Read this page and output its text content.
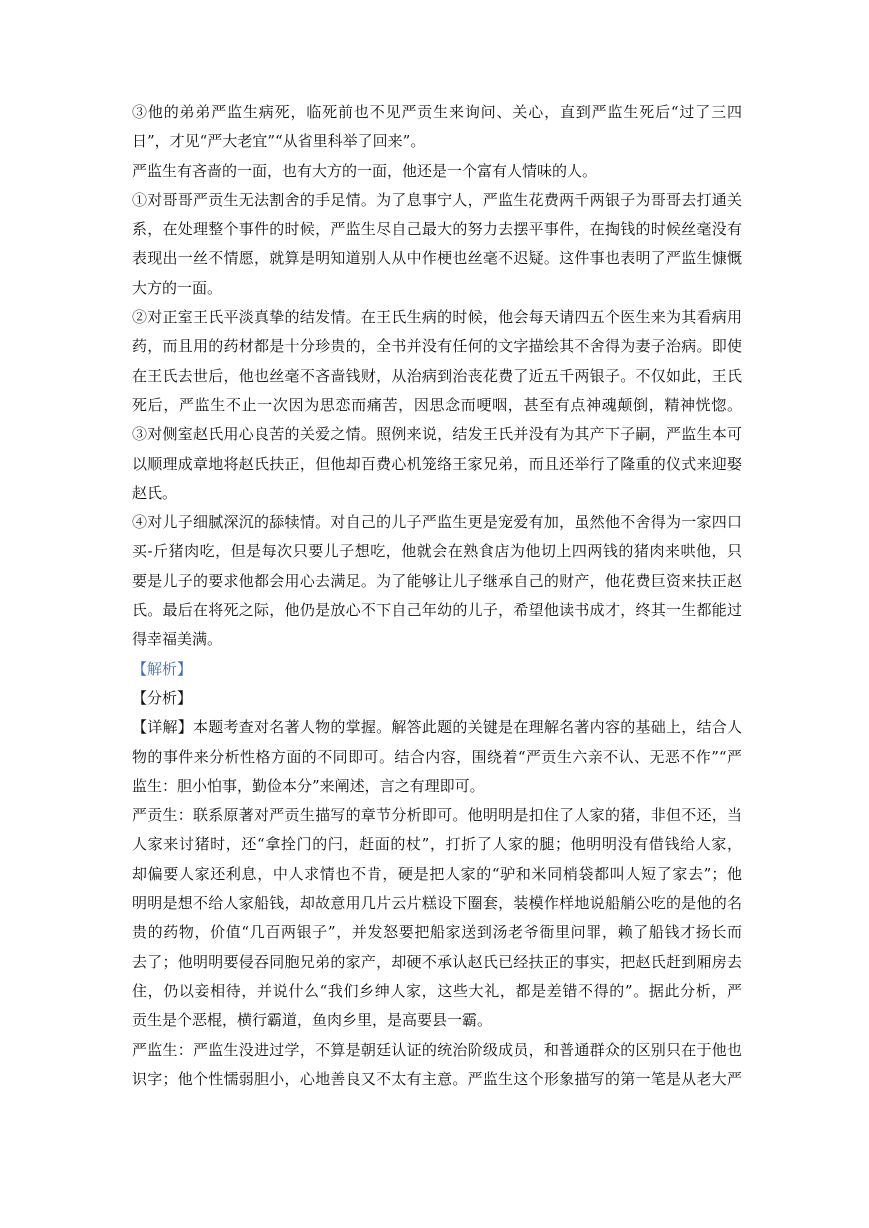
③他的弟弟严监生病死，临死前也不见严贡生来询问、关心，直到严监生死后“过了三四
日”，才见“严大老宜”“从省里科举了回来”。
严监生有吝啬的一面，也有大方的一面，他还是一个富有人情味的人。
①对哥哥严贡生无法割舍的手足情。为了息事宁人，严监生花费两千两银子为哥哥去打通关
系，在处理整个事件的时候，严监生尽自己最大的努力去摆平事件，在掏钱的时候丝毫没有
表现出一丝不情愿，就算是明知道别人从中作梗也丝毫不迟疑。这件事也表明了严监生慷慨
大方的一面。
②对正室王氏平淡真挚的结发情。在王氏生病的时候，他会每天请四五个医生来为其看病用
药，而且用的药材都是十分珍贵的，全书并没有任何的文字描绘其不舍得为妻子治病。即使
在王氏去世后，他也丝毫不吝啬钱财，从治病到治丧花费了近五千两银子。不仅如此，王氏
死后，严监生不止一次因为思恋而痛苦，因思念而哽咽，甚至有点神魂颠倒，精神恍惚。
③对侧室赵氏用心良苦的关爱之情。照例来说，结发王氏并没有为其产下子嗣，严监生本可
以顺理成章地将赵氏扶正，但他却百费心机笼络王家兄弟，而且还举行了隆重的仪式来迎娶
赵氏。
④对儿子细腻深沉的舔犊情。对自己的儿子严监生更是宠爱有加，虽然他不舍得为一家四口
买-斤猪肉吃，但是每次只要儿子想吃，他就会在熟食店为他切上四两钱的猪肉来哄他，只
要是儿子的要求他都会用心去满足。为了能够让儿子继承自己的财产，他花费巨资来扶正赵
氏。最后在将死之际，他仍是放心不下自己年幼的儿子，希望他读书成才，终其一生都能过
得幸福美满。
【解析】
【分析】
【详解】本题考查对名著人物的掌握。解答此题的关键是在理解名著内容的基础上，结合人
物的事件来分析性格方面的不同即可。结合内容，围绕着“严贡生六亲不认、无恶不作”“严
监生：胆小怕事，勤俭本分”来阐述，言之有理即可。
严贡生：联系原著对严贡生描写的章节分析即可。他明明是扣住了人家的猪，非但不还，当
人家来讨猪时，还“拿拴门的闩，赶面的杖”，打折了人家的腿；他明明没有借钱给人家，
却偏要人家还利息，中人求情也不肯，硬是把人家的“驴和米同梢袋都叫人短了家去”；他
明明是想不给人家船钱，却故意用几片云片糕设下圈套，装模作样地说船艄公吃的是他的名
贵的药物，价值“几百两银子”，并发怒要把船家送到汤老爷衙里问罪，赖了船钱才扬长而
去了；他明明要侵吞同胞兄弟的家产，却硬不承认赵氏已经扶正的事实，把赵氏赶到厢房去
住，仍以妾相待，并说什么“我们乡绅人家，这些大礼，都是差错不得的”。据此分析，严
贡生是个恶棍，横行霸道，鱼肉乡里，是高要县一霸。
严监生：严监生没进过学，不算是朝廷认证的统治阶级成员，和普通群众的区别只在于他也
识字；他个性懦弱胆小，心地善良又不太有主意。严监生这个形象描写的第一笔是从老大严
